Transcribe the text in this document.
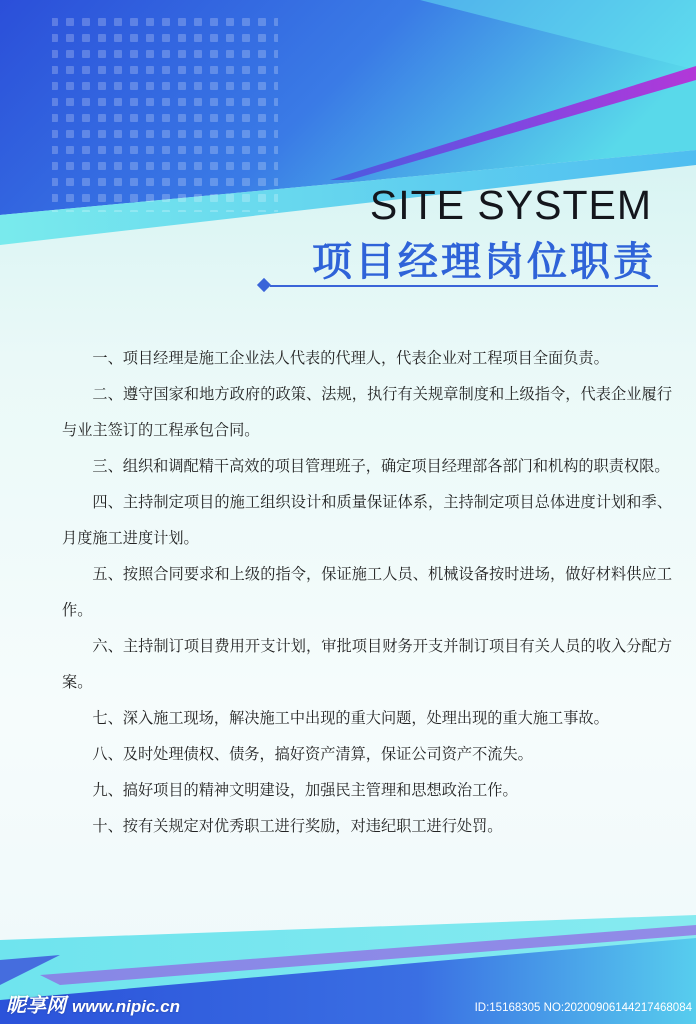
SITE SYSTEM
项目经理岗位职责

一、项目经理是施工企业法人代表的代理人，代表企业对工程项目全面负责。

二、遵守国家和地方政府的政策、法规，执行有关规章制度和上级指令，代表企业履行与业主签订的工程承包合同。

三、组织和调配精干高效的项目管理班子，确定项目经理部各部门和机构的职责权限。

四、主持制定项目的施工组织设计和质量保证体系，主持制定项目总体进度计划和季、月度施工进度计划。

五、按照合同要求和上级的指令，保证施工人员、机械设备按时进场，做好材料供应工作。

六、主持制订项目费用开支计划，审批项目财务开支并制订项目有关人员的收入分配方案。

七、深入施工现场，解决施工中出现的重大问题，处理出现的重大施工事故。

八、及时处理债权、债务，搞好资产清算，保证公司资产不流失。

九、搞好项目的精神文明建设，加强民主管理和思想政治工作。

十、按有关规定对优秀职工进行奖励，对违纪职工进行处罚。

昵享网 www.nipic.cn	ID:15168305 NO:20200906144217468084
